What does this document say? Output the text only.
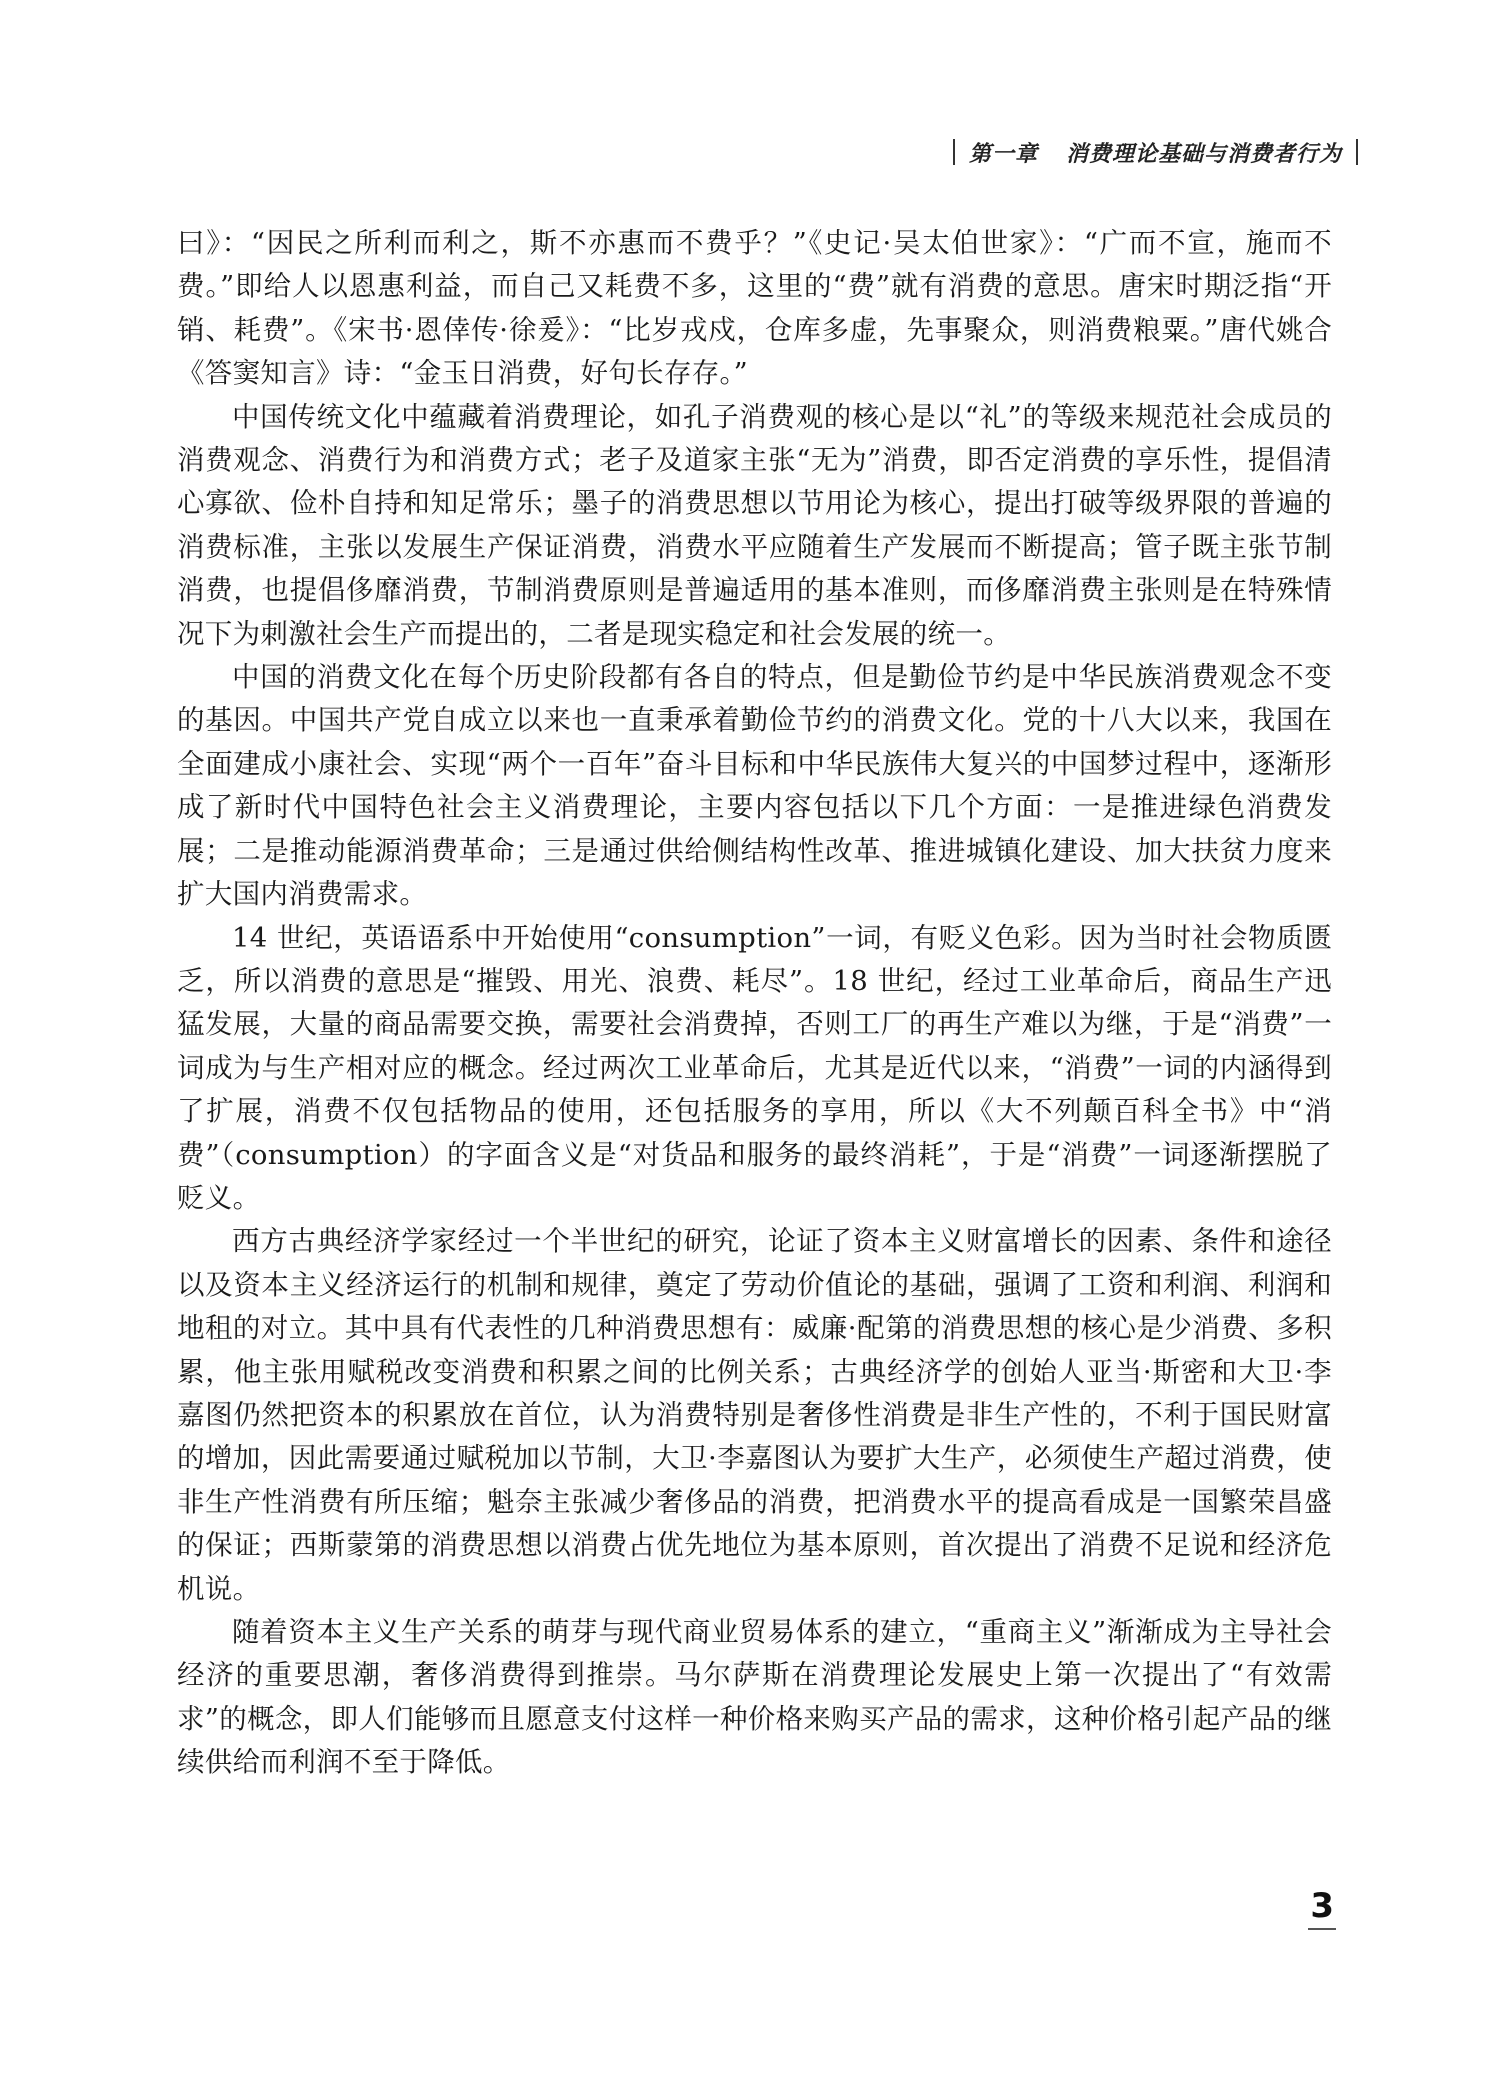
第一章 消费理论基础与消费者行为

曰》：“因民之所利而利之，斯不亦惠而不费乎？”《史记·吴太伯世家》：“广而不宣，施而不费。”即给人以恩惠利益，而自己又耗费不多，这里的“费”就有消费的意思。唐宋时期泛指“开销、耗费”。《宋书·恩倖传·徐爰》：“比岁戎戍，仓库多虚，先事聚众，则消费粮粟。”唐代姚合《答窦知言》诗：“金玉日消费，好句长存存。”

中国传统文化中蕴藏着消费理论，如孔子消费观的核心是以“礼”的等级来规范社会成员的消费观念、消费行为和消费方式；老子及道家主张“无为”消费，即否定消费的享乐性，提倡清心寡欲、俭朴自持和知足常乐；墨子的消费思想以节用论为核心，提出打破等级界限的普遍的消费标准，主张以发展生产保证消费，消费水平应随着生产发展而不断提高；管子既主张节制消费，也提倡侈靡消费，节制消费原则是普遍适用的基本准则，而侈靡消费主张则是在特殊情况下为刺激社会生产而提出的，二者是现实稳定和社会发展的统一。

中国的消费文化在每个历史阶段都有各自的特点，但是勤俭节约是中华民族消费观念不变的基因。中国共产党自成立以来也一直秉承着勤俭节约的消费文化。党的十八大以来，我国在全面建成小康社会、实现“两个一百年”奋斗目标和中华民族伟大复兴的中国梦过程中，逐渐形成了新时代中国特色社会主义消费理论，主要内容包括以下几个方面：一是推进绿色消费发展；二是推动能源消费革命；三是通过供给侧结构性改革、推进城镇化建设、加大扶贫力度来扩大国内消费需求。

14 世纪，英语语系中开始使用“consumption”一词，有贬义色彩。因为当时社会物质匮乏，所以消费的意思是“摧毁、用光、浪费、耗尽”。18 世纪，经过工业革命后，商品生产迅猛发展，大量的商品需要交换，需要社会消费掉，否则工厂的再生产难以为继，于是“消费”一词成为与生产相对应的概念。经过两次工业革命后，尤其是近代以来，“消费”一词的内涵得到了扩展，消费不仅包括物品的使用，还包括服务的享用，所以《大不列颠百科全书》中“消费”（consumption）的字面含义是“对货品和服务的最终消耗”，于是“消费”一词逐渐摆脱了贬义。

西方古典经济学家经过一个半世纪的研究，论证了资本主义财富增长的因素、条件和途径以及资本主义经济运行的机制和规律，奠定了劳动价值论的基础，强调了工资和利润、利润和地租的对立。其中具有代表性的几种消费思想有：威廉·配第的消费思想的核心是少消费、多积累，他主张用赋税改变消费和积累之间的比例关系；古典经济学的创始人亚当·斯密和大卫·李嘉图仍然把资本的积累放在首位，认为消费特别是奢侈性消费是非生产性的，不利于国民财富的增加，因此需要通过赋税加以节制，大卫·李嘉图认为要扩大生产，必须使生产超过消费，使非生产性消费有所压缩；魁奈主张减少奢侈品的消费，把消费水平的提高看成是一国繁荣昌盛的保证；西斯蒙第的消费思想以消费占优先地位为基本原则，首次提出了消费不足说和经济危机说。

随着资本主义生产关系的萌芽与现代商业贸易体系的建立，“重商主义”渐渐成为主导社会经济的重要思潮，奢侈消费得到推崇。马尔萨斯在消费理论发展史上第一次提出了“有效需求”的概念，即人们能够而且愿意支付这样一种价格来购买产品的需求，这种价格引起产品的继续供给而利润不至于降低。

3
